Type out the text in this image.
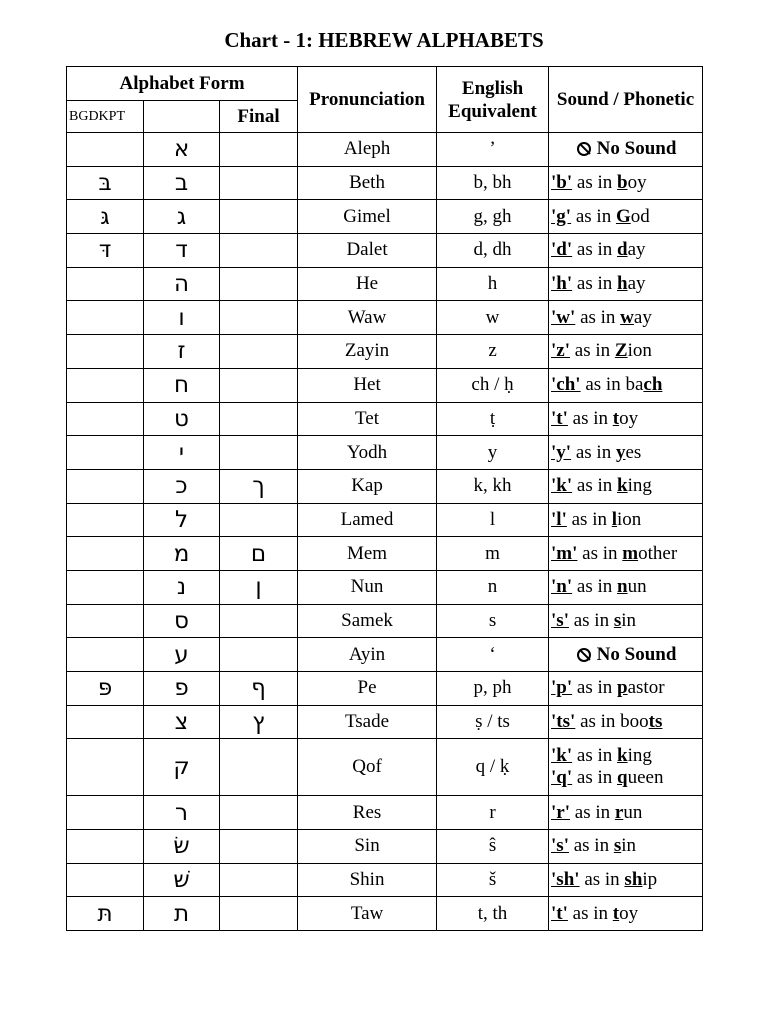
Chart - 1: HEBREW ALPHABETS
Alphabet Form			Pronunciation	English Equivalent	Sound / Phonetic
BGDKPT		Final			
	א		Aleph	’	No Sound
בּ	ב		Beth	b, bh	'b' as in boy

גּ	ג		Gimel	g, gh	'g' as in God

דּ	ד		Dalet	d, dh	'd' as in day

	ה		He	h	'h' as in hay

	ו		Waw	w	'w' as in way

	ז		Zayin	z	'z' as in Zion

	ח		Het	ch / ḥ	'ch' as in bach

	ט		Tet	ṭ	't' as in toy

	י		Yodh	y	'y' as in yes

	כ	ך	Kap	k, kh	'k' as in king

	ל		Lamed	l	'l' as in lion

	מ	ם	Mem	m	'm' as in mother

	נ	ן	Nun	n	'n' as in nun

	ס		Samek	s	's' as in sin

	ע		Ayin	‘	No Sound
פּ	פ	ף	Pe	p, ph	'p' as in pastor

	צ	ץ	Tsade	ṣ / ts	'ts' as in boots

	ק		Qof	q / ḳ	'k' as in king
'q' as in queen

	ר		Res	r	'r' as in run

	שׂ		Sin	ŝ	's' as in sin

	שׁ		Shin	š	'sh' as in ship

תּ	ת		Taw	t, th	't' as in toy
